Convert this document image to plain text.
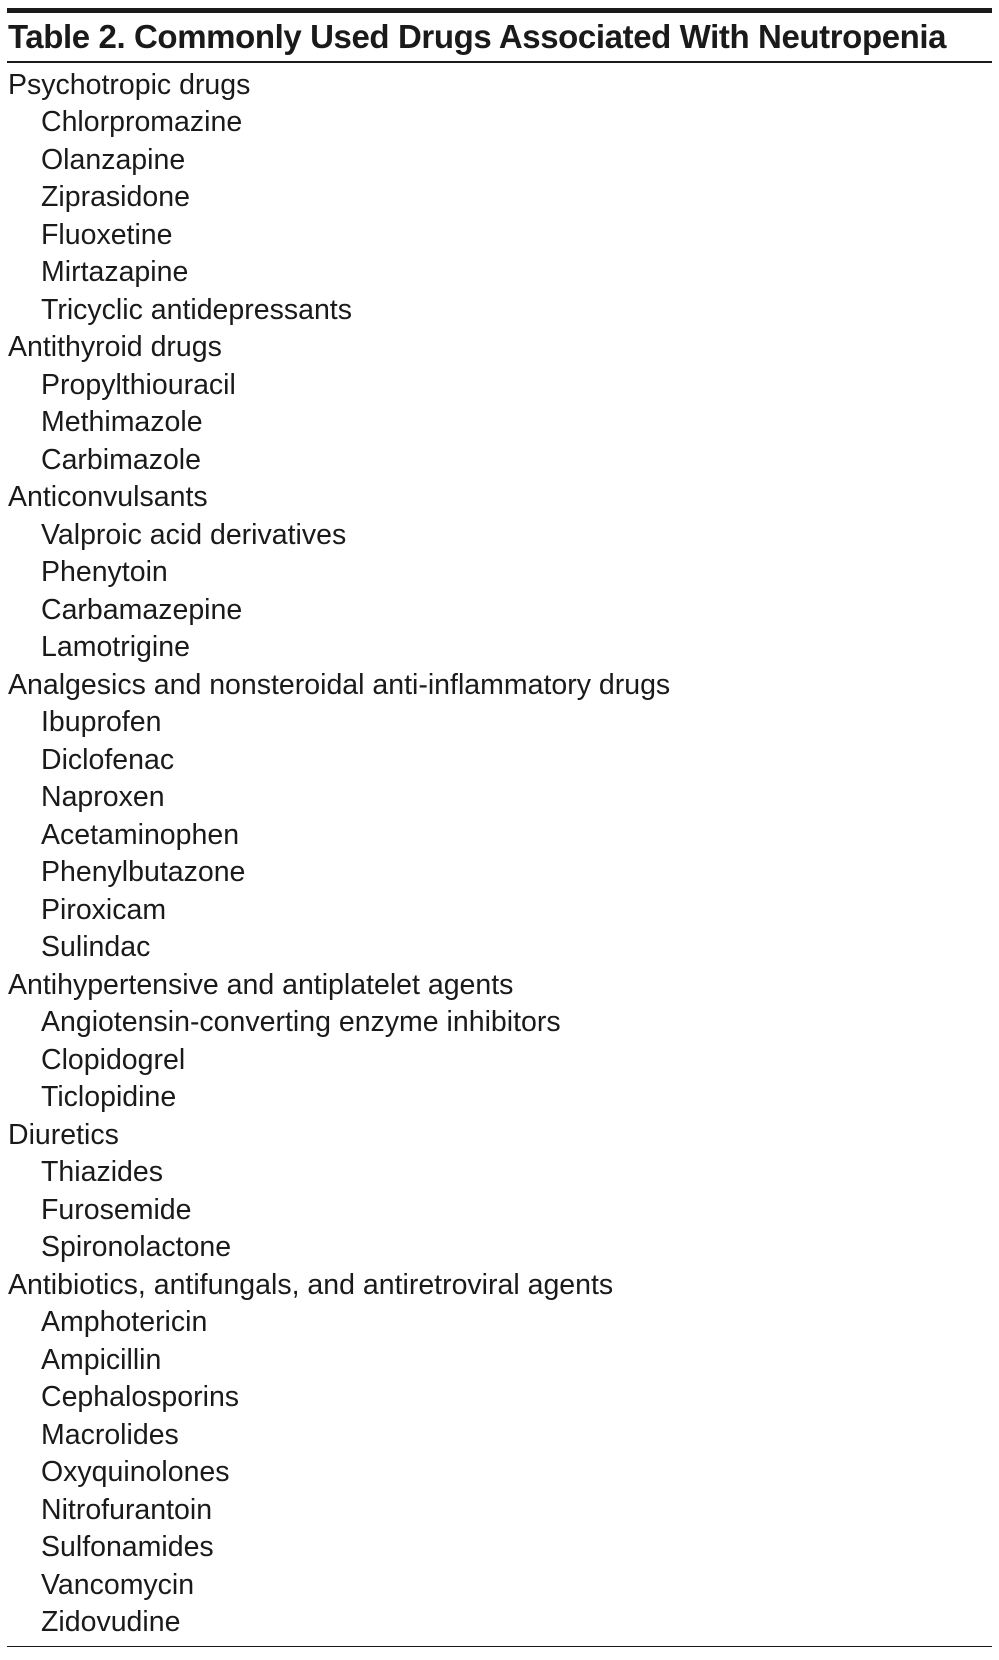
Table 2. Commonly Used Drugs Associated With Neutropenia
Psychotropic drugs
Chlorpromazine
Olanzapine
Ziprasidone
Fluoxetine
Mirtazapine
Tricyclic antidepressants
Antithyroid drugs
Propylthiouracil
Methimazole
Carbimazole
Anticonvulsants
Valproic acid derivatives
Phenytoin
Carbamazepine
Lamotrigine
Analgesics and nonsteroidal anti-inflammatory drugs
Ibuprofen
Diclofenac
Naproxen
Acetaminophen
Phenylbutazone
Piroxicam
Sulindac
Antihypertensive and antiplatelet agents
Angiotensin-converting enzyme inhibitors
Clopidogrel
Ticlopidine
Diuretics
Thiazides
Furosemide
Spironolactone
Antibiotics, antifungals, and antiretroviral agents
Amphotericin
Ampicillin
Cephalosporins
Macrolides
Oxyquinolones
Nitrofurantoin
Sulfonamides
Vancomycin
Zidovudine
